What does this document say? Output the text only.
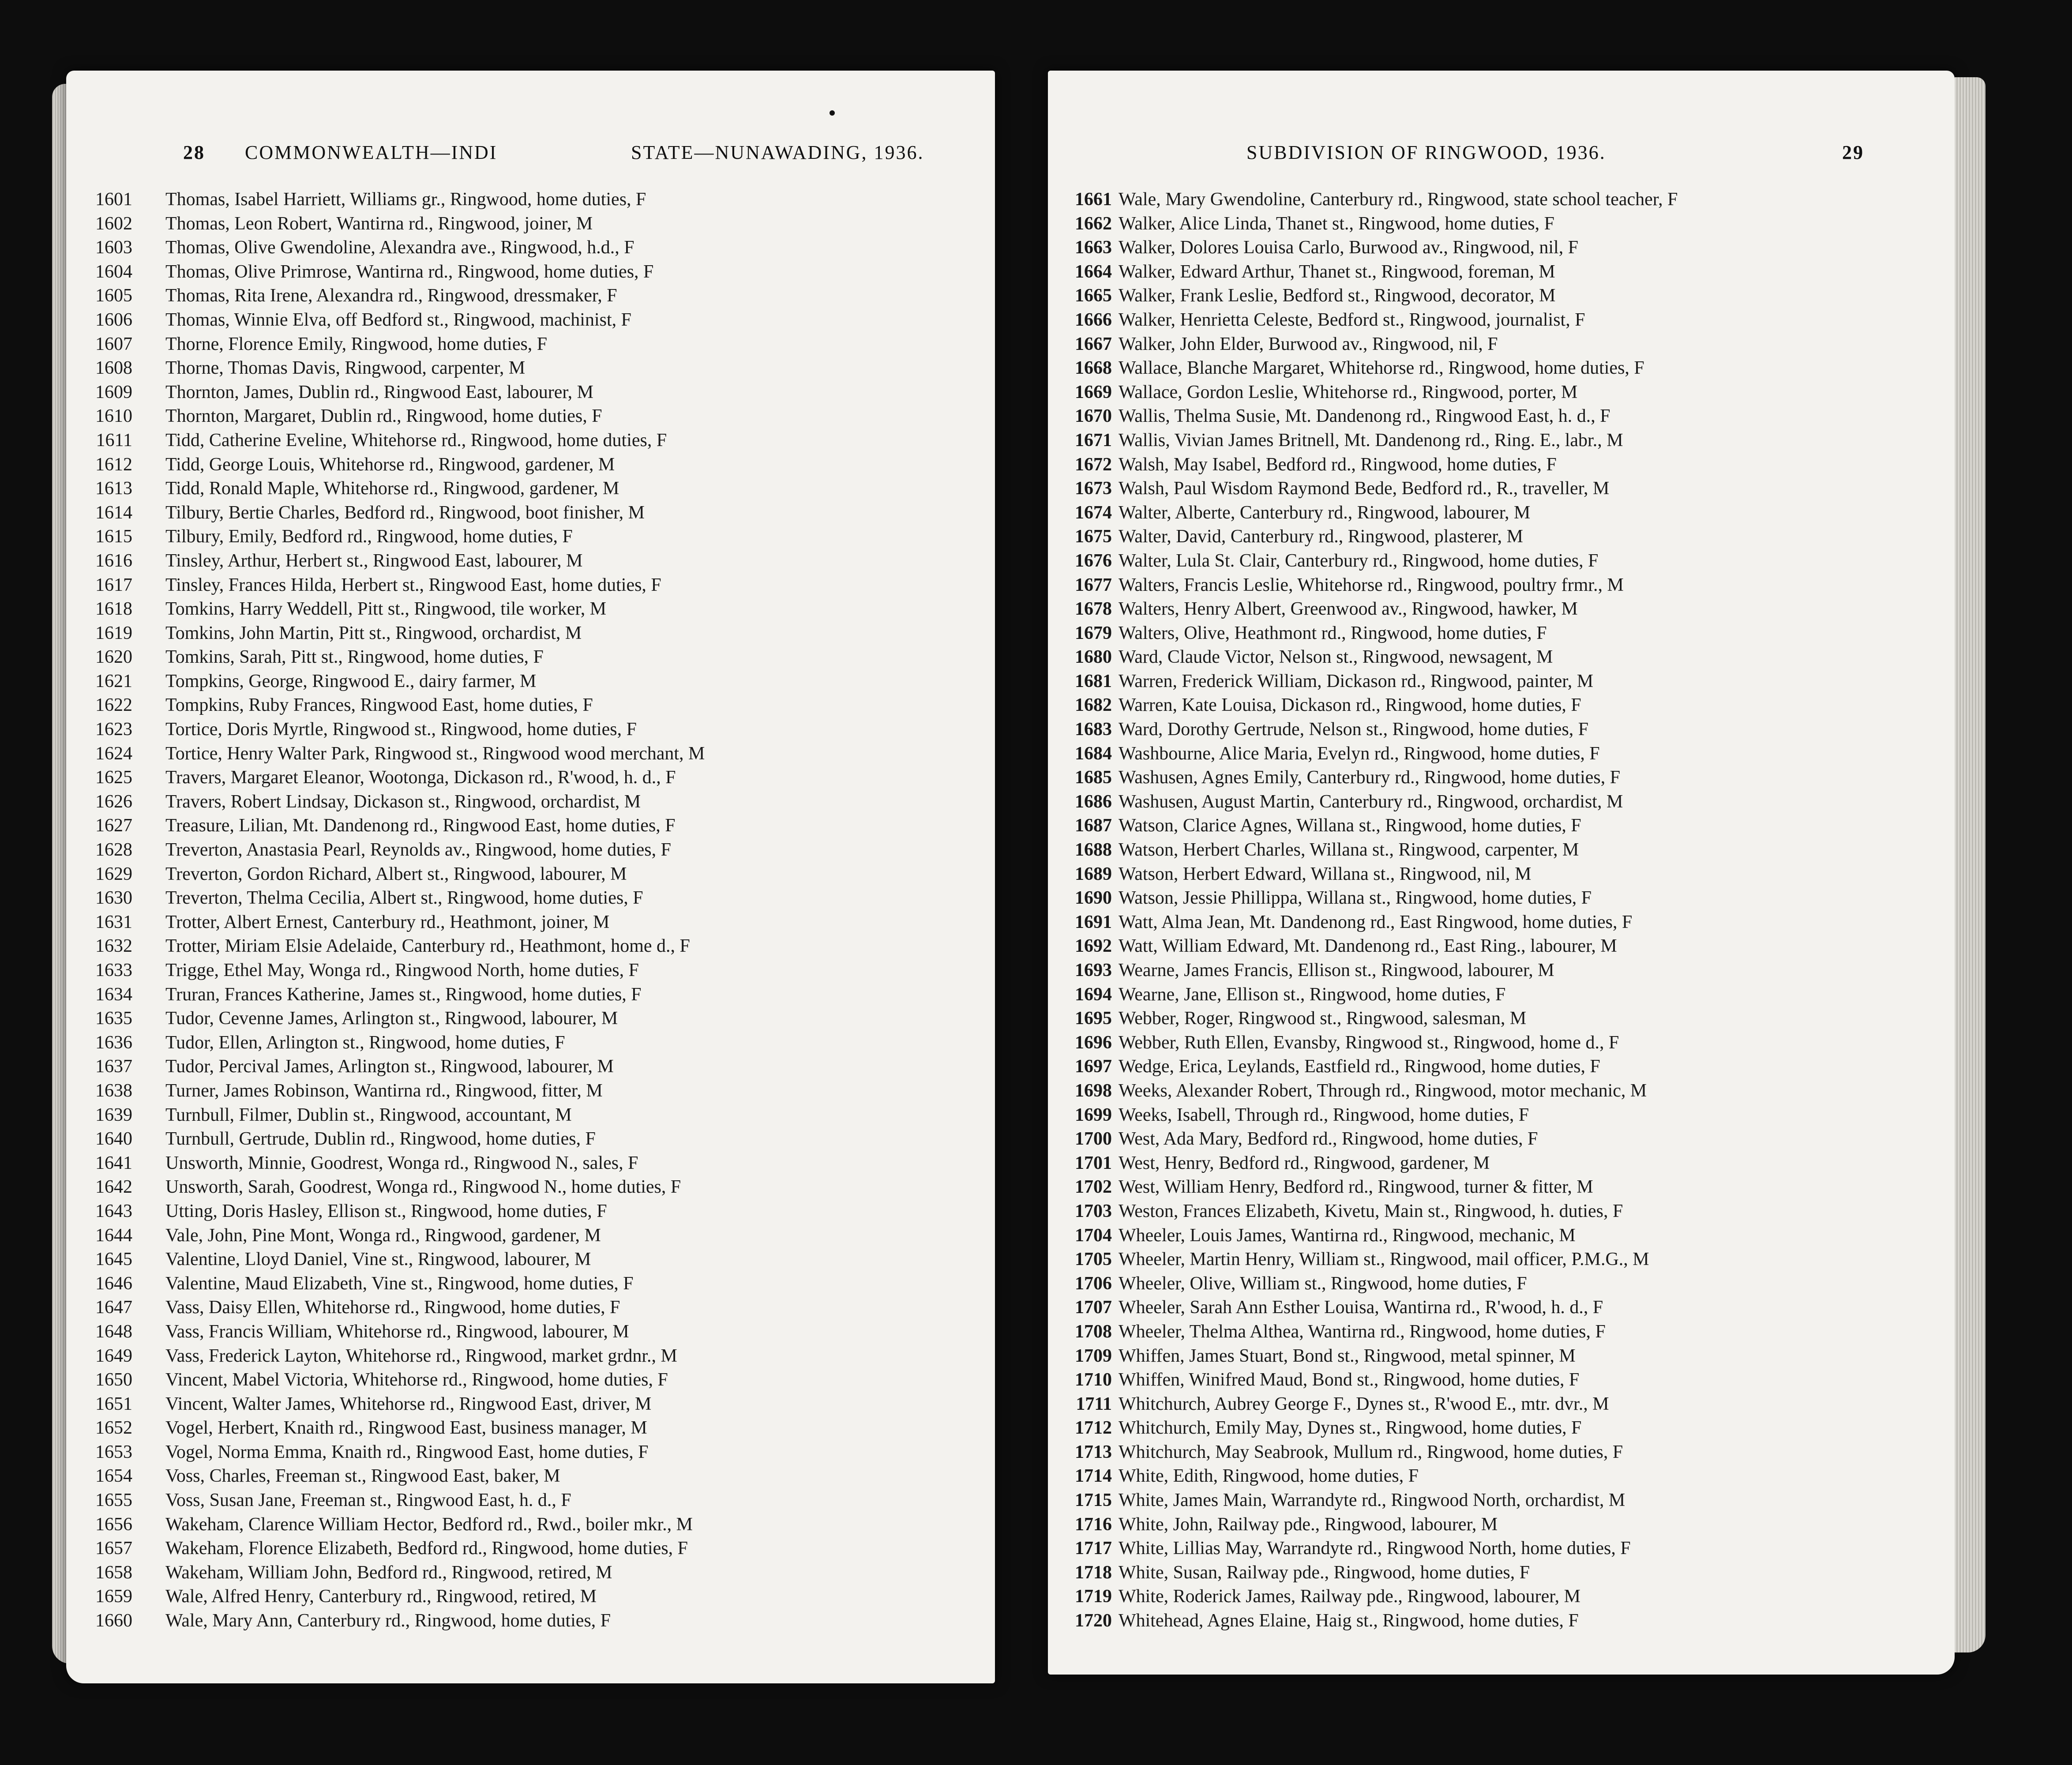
28 COMMONWEALTH—INDI	STATE—NUNAWADING, 1936.
1601 Thomas, Isabel Harriett, Williams gr., Ringwood, home duties, F
1602 Thomas, Leon Robert, Wantirna rd., Ringwood, joiner, M
1603 Thomas, Olive Gwendoline, Alexandra ave., Ringwood, h.d., F
1604 Thomas, Olive Primrose, Wantirna rd., Ringwood, home duties, F
1605 Thomas, Rita Irene, Alexandra rd., Ringwood, dressmaker, F
1606 Thomas, Winnie Elva, off Bedford st., Ringwood, machinist, F
1607 Thorne, Florence Emily, Ringwood, home duties, F
1608 Thorne, Thomas Davis, Ringwood, carpenter, M
1609 Thornton, James, Dublin rd., Ringwood East, labourer, M
1610 Thornton, Margaret, Dublin rd., Ringwood, home duties, F
1611 Tidd, Catherine Eveline, Whitehorse rd., Ringwood, home duties, F
1612 Tidd, George Louis, Whitehorse rd., Ringwood, gardener, M
1613 Tidd, Ronald Maple, Whitehorse rd., Ringwood, gardener, M
1614 Tilbury, Bertie Charles, Bedford rd., Ringwood, boot finisher, M
1615 Tilbury, Emily, Bedford rd., Ringwood, home duties, F
1616 Tinsley, Arthur, Herbert st., Ringwood East, labourer, M
1617 Tinsley, Frances Hilda, Herbert st., Ringwood East, home duties, F
1618 Tomkins, Harry Weddell, Pitt st., Ringwood, tile worker, M
1619 Tomkins, John Martin, Pitt st., Ringwood, orchardist, M
1620 Tomkins, Sarah, Pitt st., Ringwood, home duties, F
1621 Tompkins, George, Ringwood E., dairy farmer, M
1622 Tompkins, Ruby Frances, Ringwood East, home duties, F
1623 Tortice, Doris Myrtle, Ringwood st., Ringwood, home duties, F
1624 Tortice, Henry Walter Park, Ringwood st., Ringwood wood merchant, M
1625 Travers, Margaret Eleanor, Wootonga, Dickason rd., R'wood, h. d., F
1626 Travers, Robert Lindsay, Dickason st., Ringwood, orchardist, M
1627 Treasure, Lilian, Mt. Dandenong rd., Ringwood East, home duties, F
1628 Treverton, Anastasia Pearl, Reynolds av., Ringwood, home duties, F
1629 Treverton, Gordon Richard, Albert st., Ringwood, labourer, M
1630 Treverton, Thelma Cecilia, Albert st., Ringwood, home duties, F
1631 Trotter, Albert Ernest, Canterbury rd., Heathmont, joiner, M
1632 Trotter, Miriam Elsie Adelaide, Canterbury rd., Heathmont, home d., F
1633 Trigge, Ethel May, Wonga rd., Ringwood North, home duties, F
1634 Truran, Frances Katherine, James st., Ringwood, home duties, F
1635 Tudor, Cevenne James, Arlington st., Ringwood, labourer, M
1636 Tudor, Ellen, Arlington st., Ringwood, home duties, F
1637 Tudor, Percival James, Arlington st., Ringwood, labourer, M
1638 Turner, James Robinson, Wantirna rd., Ringwood, fitter, M
1639 Turnbull, Filmer, Dublin st., Ringwood, accountant, M
1640 Turnbull, Gertrude, Dublin rd., Ringwood, home duties, F
1641 Unsworth, Minnie, Goodrest, Wonga rd., Ringwood N., sales, F
1642 Unsworth, Sarah, Goodrest, Wonga rd., Ringwood N., home duties, F
1643 Utting, Doris Hasley, Ellison st., Ringwood, home duties, F
1644 Vale, John, Pine Mont, Wonga rd., Ringwood, gardener, M
1645 Valentine, Lloyd Daniel, Vine st., Ringwood, labourer, M
1646 Valentine, Maud Elizabeth, Vine st., Ringwood, home duties, F
1647 Vass, Daisy Ellen, Whitehorse rd., Ringwood, home duties, F
1648 Vass, Francis William, Whitehorse rd., Ringwood, labourer, M
1649 Vass, Frederick Layton, Whitehorse rd., Ringwood, market grdnr., M
1650 Vincent, Mabel Victoria, Whitehorse rd., Ringwood, home duties, F
1651 Vincent, Walter James, Whitehorse rd., Ringwood East, driver, M
1652 Vogel, Herbert, Knaith rd., Ringwood East, business manager, M
1653 Vogel, Norma Emma, Knaith rd., Ringwood East, home duties, F
1654 Voss, Charles, Freeman st., Ringwood East, baker, M
1655 Voss, Susan Jane, Freeman st., Ringwood East, h. d., F
1656 Wakeham, Clarence William Hector, Bedford rd., Rwd., boiler mkr., M
1657 Wakeham, Florence Elizabeth, Bedford rd., Ringwood, home duties, F
1658 Wakeham, William John, Bedford rd., Ringwood, retired, M
1659 Wale, Alfred Henry, Canterbury rd., Ringwood, retired, M
1660 Wale, Mary Ann, Canterbury rd., Ringwood, home duties, F
SUBDIVISION OF RINGWOOD, 1936.	29
1661 Wale, Mary Gwendoline, Canterbury rd., Ringwood, state school teacher, F
1662 Walker, Alice Linda, Thanet st., Ringwood, home duties, F
1663 Walker, Dolores Louisa Carlo, Burwood av., Ringwood, nil, F
1664 Walker, Edward Arthur, Thanet st., Ringwood, foreman, M
1665 Walker, Frank Leslie, Bedford st., Ringwood, decorator, M
1666 Walker, Henrietta Celeste, Bedford st., Ringwood, journalist, F
1667 Walker, John Elder, Burwood av., Ringwood, nil, F
1668 Wallace, Blanche Margaret, Whitehorse rd., Ringwood, home duties, F
1669 Wallace, Gordon Leslie, Whitehorse rd., Ringwood, porter, M
1670 Wallis, Thelma Susie, Mt. Dandenong rd., Ringwood East, h. d., F
1671 Wallis, Vivian James Britnell, Mt. Dandenong rd., Ring. E., labr., M
1672 Walsh, May Isabel, Bedford rd., Ringwood, home duties, F
1673 Walsh, Paul Wisdom Raymond Bede, Bedford rd., R., traveller, M
1674 Walter, Alberte, Canterbury rd., Ringwood, labourer, M
1675 Walter, David, Canterbury rd., Ringwood, plasterer, M
1676 Walter, Lula St. Clair, Canterbury rd., Ringwood, home duties, F
1677 Walters, Francis Leslie, Whitehorse rd., Ringwood, poultry frmr., M
1678 Walters, Henry Albert, Greenwood av., Ringwood, hawker, M
1679 Walters, Olive, Heathmont rd., Ringwood, home duties, F
1680 Ward, Claude Victor, Nelson st., Ringwood, newsagent, M
1681 Warren, Frederick William, Dickason rd., Ringwood, painter, M
1682 Warren, Kate Louisa, Dickason rd., Ringwood, home duties, F
1683 Ward, Dorothy Gertrude, Nelson st., Ringwood, home duties, F
1684 Washbourne, Alice Maria, Evelyn rd., Ringwood, home duties, F
1685 Washusen, Agnes Emily, Canterbury rd., Ringwood, home duties, F
1686 Washusen, August Martin, Canterbury rd., Ringwood, orchardist, M
1687 Watson, Clarice Agnes, Willana st., Ringwood, home duties, F
1688 Watson, Herbert Charles, Willana st., Ringwood, carpenter, M
1689 Watson, Herbert Edward, Willana st., Ringwood, nil, M
1690 Watson, Jessie Phillippa, Willana st., Ringwood, home duties, F
1691 Watt, Alma Jean, Mt. Dandenong rd., East Ringwood, home duties, F
1692 Watt, William Edward, Mt. Dandenong rd., East Ring., labourer, M
1693 Wearne, James Francis, Ellison st., Ringwood, labourer, M
1694 Wearne, Jane, Ellison st., Ringwood, home duties, F
1695 Webber, Roger, Ringwood st., Ringwood, salesman, M
1696 Webber, Ruth Ellen, Evansby, Ringwood st., Ringwood, home d., F
1697 Wedge, Erica, Leylands, Eastfield rd., Ringwood, home duties, F
1698 Weeks, Alexander Robert, Through rd., Ringwood, motor mechanic, M
1699 Weeks, Isabell, Through rd., Ringwood, home duties, F
1700 West, Ada Mary, Bedford rd., Ringwood, home duties, F
1701 West, Henry, Bedford rd., Ringwood, gardener, M
1702 West, William Henry, Bedford rd., Ringwood, turner & fitter, M
1703 Weston, Frances Elizabeth, Kivetu, Main st., Ringwood, h. duties, F
1704 Wheeler, Louis James, Wantirna rd., Ringwood, mechanic, M
1705 Wheeler, Martin Henry, William st., Ringwood, mail officer, P.M.G., M
1706 Wheeler, Olive, William st., Ringwood, home duties, F
1707 Wheeler, Sarah Ann Esther Louisa, Wantirna rd., R'wood, h. d., F
1708 Wheeler, Thelma Althea, Wantirna rd., Ringwood, home duties, F
1709 Whiffen, James Stuart, Bond st., Ringwood, metal spinner, M
1710 Whiffen, Winifred Maud, Bond st., Ringwood, home duties, F
1711 Whitchurch, Aubrey George F., Dynes st., R'wood E., mtr. dvr., M
1712 Whitchurch, Emily May, Dynes st., Ringwood, home duties, F
1713 Whitchurch, May Seabrook, Mullum rd., Ringwood, home duties, F
1714 White, Edith, Ringwood, home duties, F
1715 White, James Main, Warrandyte rd., Ringwood North, orchardist, M
1716 White, John, Railway pde., Ringwood, labourer, M
1717 White, Lillias May, Warrandyte rd., Ringwood North, home duties, F
1718 White, Susan, Railway pde., Ringwood, home duties, F
1719 White, Roderick James, Railway pde., Ringwood, labourer, M
1720 Whitehead, Agnes Elaine, Haig st., Ringwood, home duties, F
